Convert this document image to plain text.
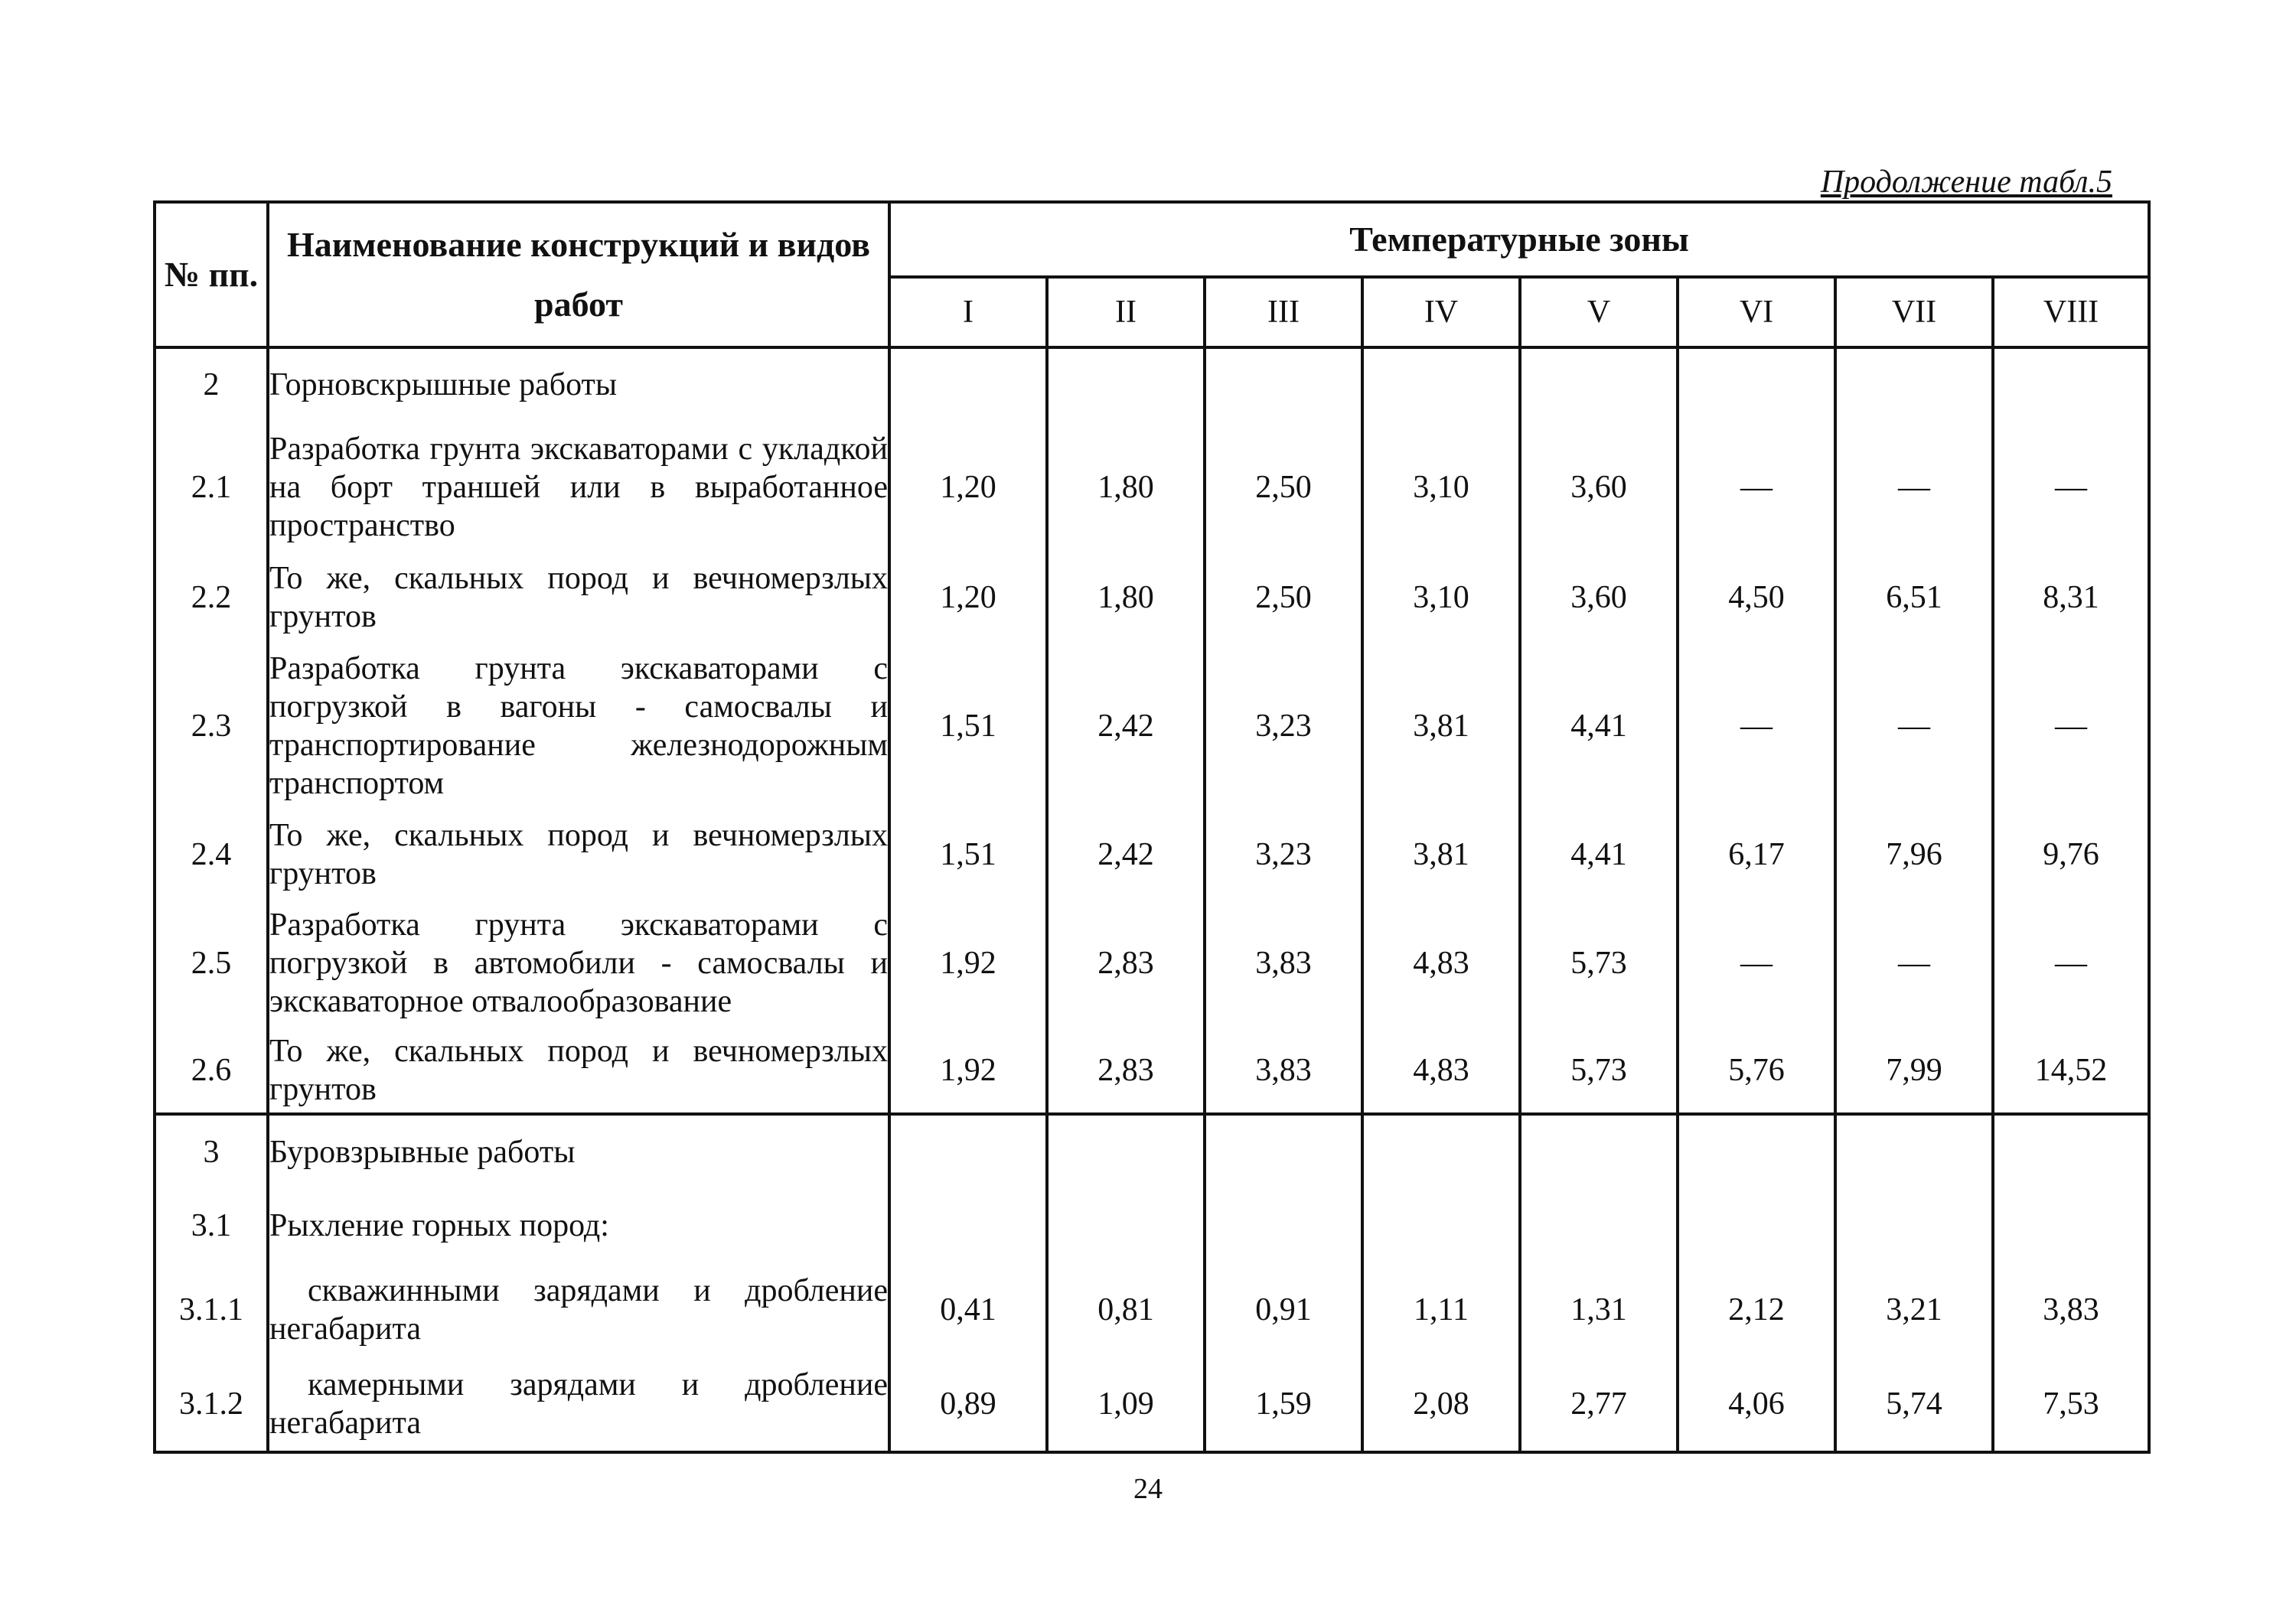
Продолжение табл.5
№ пп.	Наименование конструкций и видов работ	Температурные зоны							
		I	II	III	IV	V	VI	VII	VIII
2	Горновскрышные работы								
2.1	Разработка грунта экскаваторами с укладкой на борт траншей или в выработанное пространство	1,20	1,80	2,50	3,10	3,60	—	—	—
2.2	То же, скальных пород и вечномерзлых грунтов	1,20	1,80	2,50	3,10	3,60	4,50	6,51	8,31
2.3	Разработка грунта экскаваторами с погрузкой в вагоны - самосвалы и транспортирование железнодорожным транспортом	1,51	2,42	3,23	3,81	4,41	—	—	—
2.4	То же, скальных пород и вечномерзлых грунтов	1,51	2,42	3,23	3,81	4,41	6,17	7,96	9,76
2.5	Разработка грунта экскаваторами с погрузкой в автомобили - самосвалы и экскаваторное отвалообразование	1,92	2,83	3,83	4,83	5,73	—	—	—
2.6	То же, скальных пород и вечномерзлых грунтов	1,92	2,83	3,83	4,83	5,73	5,76	7,99	14,52
3	Буровзрывные работы								
3.1	Рыхление горных пород:								
3.1.1	скважинными зарядами и дробление негабарита	0,41	0,81	0,91	1,11	1,31	2,12	3,21	3,83
3.1.2	камерными зарядами и дробление негабарита	0,89	1,09	1,59	2,08	2,77	4,06	5,74	7,53
24
